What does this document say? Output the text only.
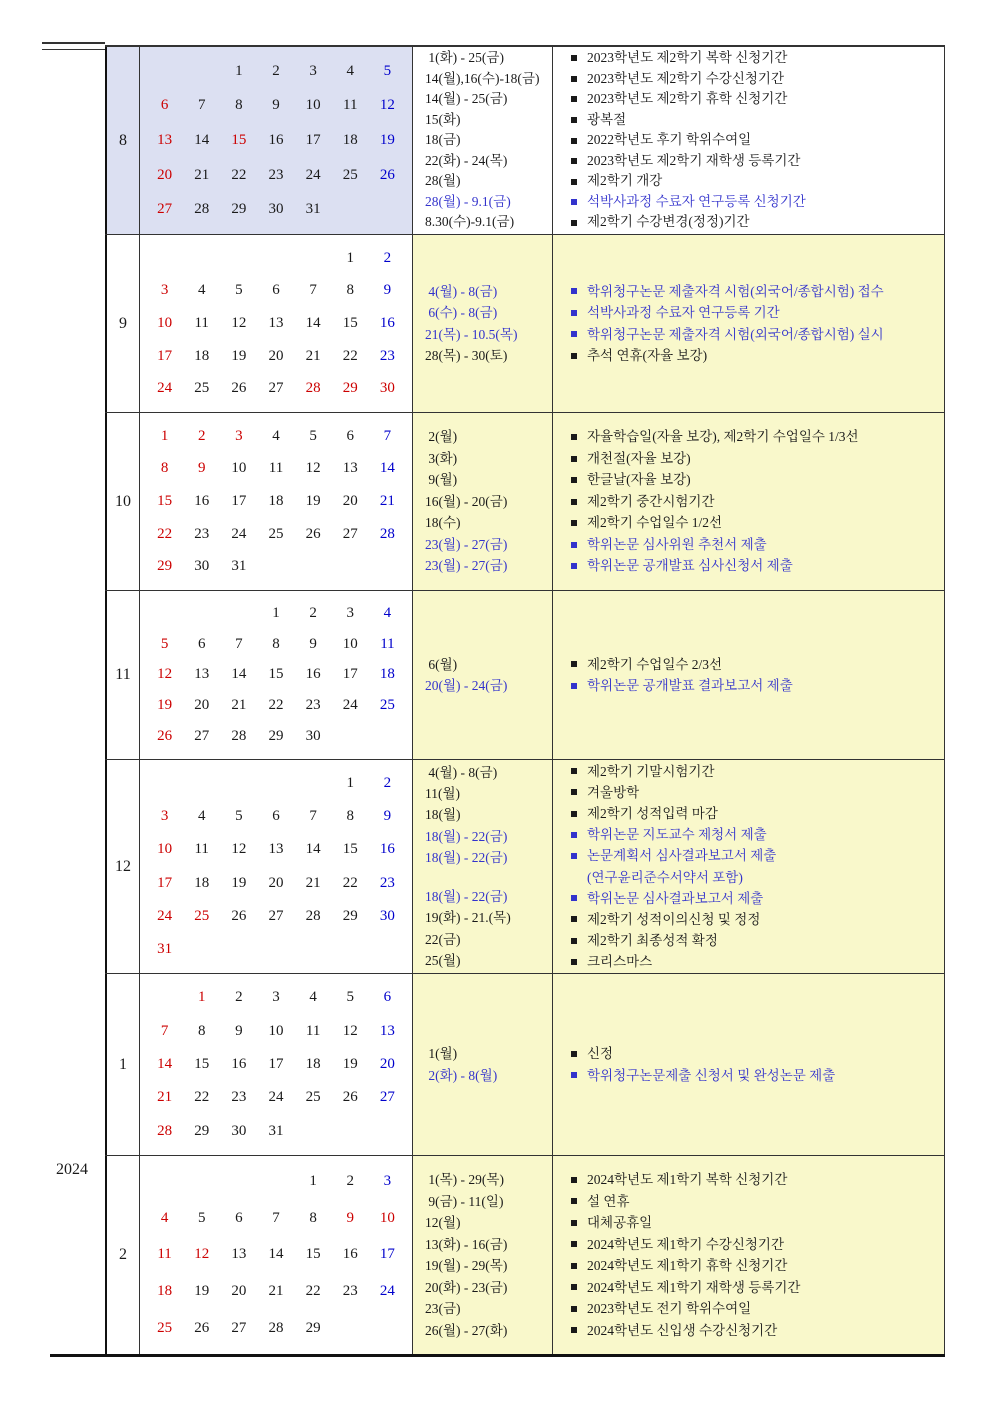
2024
8
1 2 3 4 5
6 7 8 9 10 11 12
13 14 15 16 17 18 19
20 21 22 23 24 25 26
27 28 29 30 31
1(화) - 25(금)
14(월),16(수)-18(금)
14(월) - 25(금)
15(화)
18(금)
22(화) - 24(목)
28(월)
28(월) - 9.1(금)
8.30(수)-9.1(금)
2023학년도 제2학기 복학 신청기간
2023학년도 제2학기 수강신청기간
2023학년도 제2학기 휴학 신청기간
광복절
2022학년도 후기 학위수여일
2023학년도 제2학기 재학생 등록기간
제2학기 개강
석박사과정 수료자 연구등록 신청기간
제2학기 수강변경(정정)기간
9
1 2
3 4 5 6 7 8 9
10 11 12 13 14 15 16
17 18 19 20 21 22 23
24 25 26 27 28 29 30
4(월) - 8(금)
6(수) - 8(금)
21(목) - 10.5(목)
28(목) - 30(토)
학위청구논문 제출자격 시험(외국어/종합시험) 접수
석박사과정 수료자 연구등록 기간
학위청구논문 제출자격 시험(외국어/종합시험) 실시
추석 연휴(자율 보강)
10
1 2 3 4 5 6 7
8 9 10 11 12 13 14
15 16 17 18 19 20 21
22 23 24 25 26 27 28
29 30 31
2(월)
3(화)
9(월)
16(월) - 20(금)
18(수)
23(월) - 27(금)
23(월) - 27(금)
자율학습일(자율 보강), 제2학기 수업일수 1/3선
개천절(자율 보강)
한글날(자율 보강)
제2학기 중간시험기간
제2학기 수업일수 1/2선
학위논문 심사위원 추천서 제출
학위논문 공개발표 심사신청서 제출
11
1 2 3 4
5 6 7 8 9 10 11
12 13 14 15 16 17 18
19 20 21 22 23 24 25
26 27 28 29 30
6(월)
20(월) - 24(금)
제2학기 수업일수 2/3선
학위논문 공개발표 결과보고서 제출
12
1 2
3 4 5 6 7 8 9
10 11 12 13 14 15 16
17 18 19 20 21 22 23
24 25 26 27 28 29 30
31
4(월) - 8(금)
11(월)
18(월)
18(월) - 22(금)
18(월) - 22(금)
18(월) - 22(금)
19(화) - 21.(목)
22(금)
25(월)
제2학기 기말시험기간
겨울방학
제2학기 성적입력 마감
학위논문 지도교수 제청서 제출
논문계획서 심사결과보고서 제출
(연구윤리준수서약서 포함)
학위논문 심사결과보고서 제출
제2학기 성적이의신청 및 정정
제2학기 최종성적 확정
크리스마스
1
1 2 3 4 5 6
7 8 9 10 11 12 13
14 15 16 17 18 19 20
21 22 23 24 25 26 27
28 29 30 31
1(월)
2(화) - 8(월)
신정
학위청구논문제출 신청서 및 완성논문 제출
2
1 2 3
4 5 6 7 8 9 10
11 12 13 14 15 16 17
18 19 20 21 22 23 24
25 26 27 28 29
1(목) - 29(목)
9(금) - 11(일)
12(월)
13(화) - 16(금)
19(월) - 29(목)
20(화) - 23(금)
23(금)
26(월) - 27(화)
2024학년도 제1학기 복학 신청기간
설 연휴
대체공휴일
2024학년도 제1학기 수강신청기간
2024학년도 제1학기 휴학 신청기간
2024학년도 제1학기 재학생 등록기간
2023학년도 전기 학위수여일
2024학년도 신입생 수강신청기간
